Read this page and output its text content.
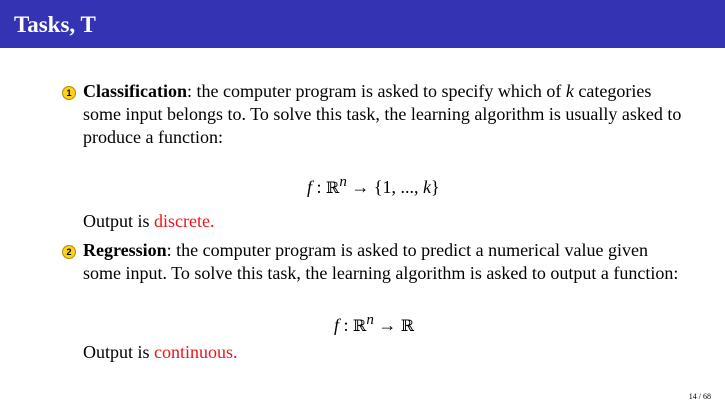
Tasks, T
1 Classification: the computer program is asked to specify which of k categories some input belongs to. To solve this task, the learning algorithm is usually asked to produce a function:
f : ℝ$^n$ → {1, ..., k}
Output is discrete.
2 Regression: the computer program is asked to predict a numerical value given some input. To solve this task, the learning algorithm is asked to output a function:
f : ℝ$^n$ → ℝ
Output is continuous.
14 / 68
